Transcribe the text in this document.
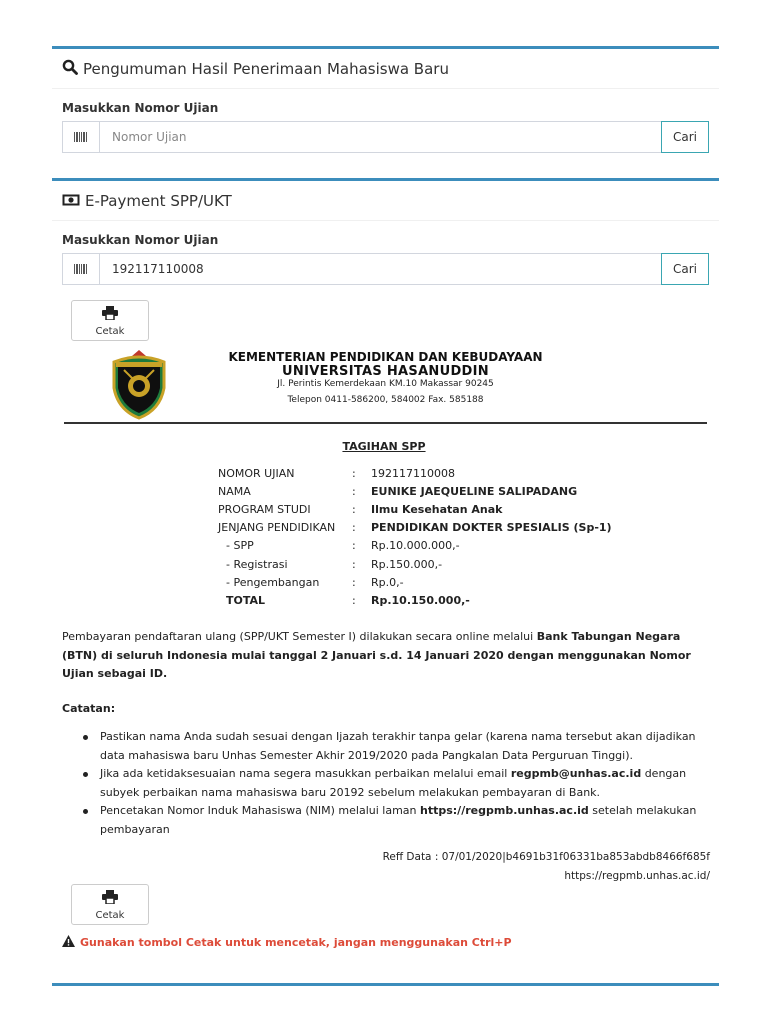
Pengumuman Hasil Penerimaan Mahasiswa Baru
Masukkan Nomor Ujian
Nomor Ujian
Cari
E-Payment SPP/UKT
Masukkan Nomor Ujian
192117110008
Cari
Cetak
KEMENTERIAN PENDIDIKAN DAN KEBUDAYAAN
UNIVERSITAS HASANUDDIN
Jl. Perintis Kemerdekaan KM.10 Makassar 90245
Telepon 0411-586200, 584002 Fax. 585188
TAGIHAN SPP
NOMOR UJIAN	:	192117110008
NAMA	:	EUNIKE JAEQUELINE SALIPADANG
PROGRAM STUDI	:	Ilmu Kesehatan Anak
JENJANG PENDIDIKAN	:	PENDIDIKAN DOKTER SPESIALIS (Sp-1)
- SPP	:	Rp.10.000.000,-
- Registrasi	:	Rp.150.000,-
- Pengembangan	:	Rp.0,-
TOTAL	:	Rp.10.150.000,-

Pembayaran pendaftaran ulang (SPP/UKT Semester I) dilakukan secara online melalui Bank Tabungan Negara (BTN) di seluruh Indonesia mulai tanggal 2 Januari s.d. 14 Januari 2020 dengan menggunakan Nomor Ujian sebagai ID.

Catatan:
Pastikan nama Anda sudah sesuai dengan Ijazah terakhir tanpa gelar (karena nama tersebut akan dijadikan data mahasiswa baru Unhas Semester Akhir 2019/2020 pada Pangkalan Data Perguruan Tinggi).
Jika ada ketidaksesuaian nama segera masukkan perbaikan melalui email regpmb@unhas.ac.id dengan subyek perbaikan nama mahasiswa baru 20192 sebelum melakukan pembayaran di Bank.
Pencetakan Nomor Induk Mahasiswa (NIM) melalui laman https://regpmb.unhas.ac.id setelah melakukan pembayaran
Reff Data : 07/01/2020|b4691b31f06331ba853abdb8466f685f
https://regpmb.unhas.ac.id/
Cetak
Gunakan tombol Cetak untuk mencetak, jangan menggunakan Ctrl+P
